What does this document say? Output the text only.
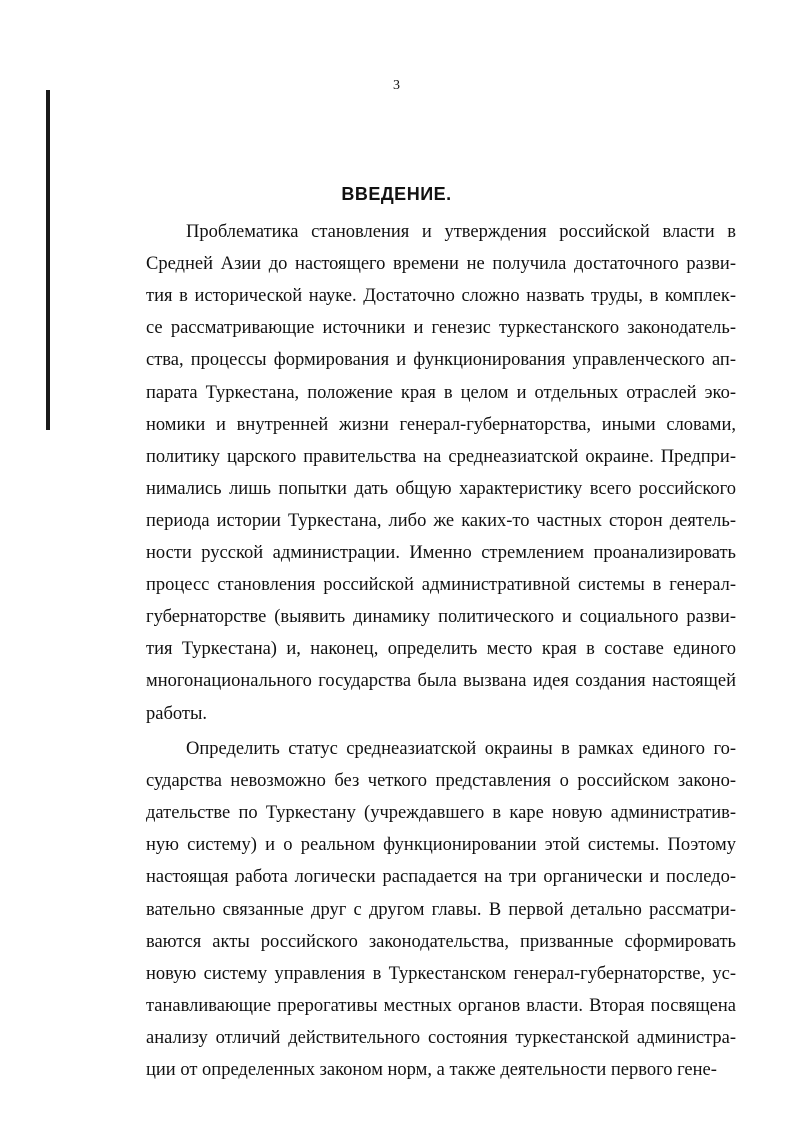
3
ВВЕДЕНИЕ.
Проблематика становления и утверждения российской власти в
Средней Азии до настоящего времени не получила достаточного разви-
тия в исторической науке. Достаточно сложно назвать труды, в комплек-
се рассматривающие источники и генезис туркестанского законодатель-
ства, процессы формирования и функционирования управленческого ап-
парата Туркестана, положение края в целом и отдельных отраслей эко-
номики и внутренней жизни генерал-губернаторства, иными словами,
политику царского правительства на среднеазиатской окраине. Предпри-
нимались лишь попытки дать общую характеристику всего российского
периода истории Туркестана, либо же каких-то частных сторон деятель-
ности русской администрации. Именно стремлением проанализировать
процесс становления российской административной системы в генерал-
губернаторстве (выявить динамику политического и социального разви-
тия Туркестана) и, наконец, определить место края в составе единого
многонационального государства была вызвана идея создания настоящей
работы.
Определить статус среднеазиатской окраины в рамках единого го-
сударства невозможно без четкого представления о российском законо-
дательстве по Туркестану (учреждавшего в каре новую административ-
ную систему) и о реальном функционировании этой системы. Поэтому
настоящая работа логически распадается на три органически и последо-
вательно связанные друг с другом главы. В первой детально рассматри-
ваются акты российского законодательства, призванные сформировать
новую систему управления в Туркестанском генерал-губернаторстве, ус-
танавливающие прерогативы местных органов власти. Вторая посвящена
анализу отличий действительного состояния туркестанской администра-
ции от определенных законом норм, а также деятельности первого гене-
